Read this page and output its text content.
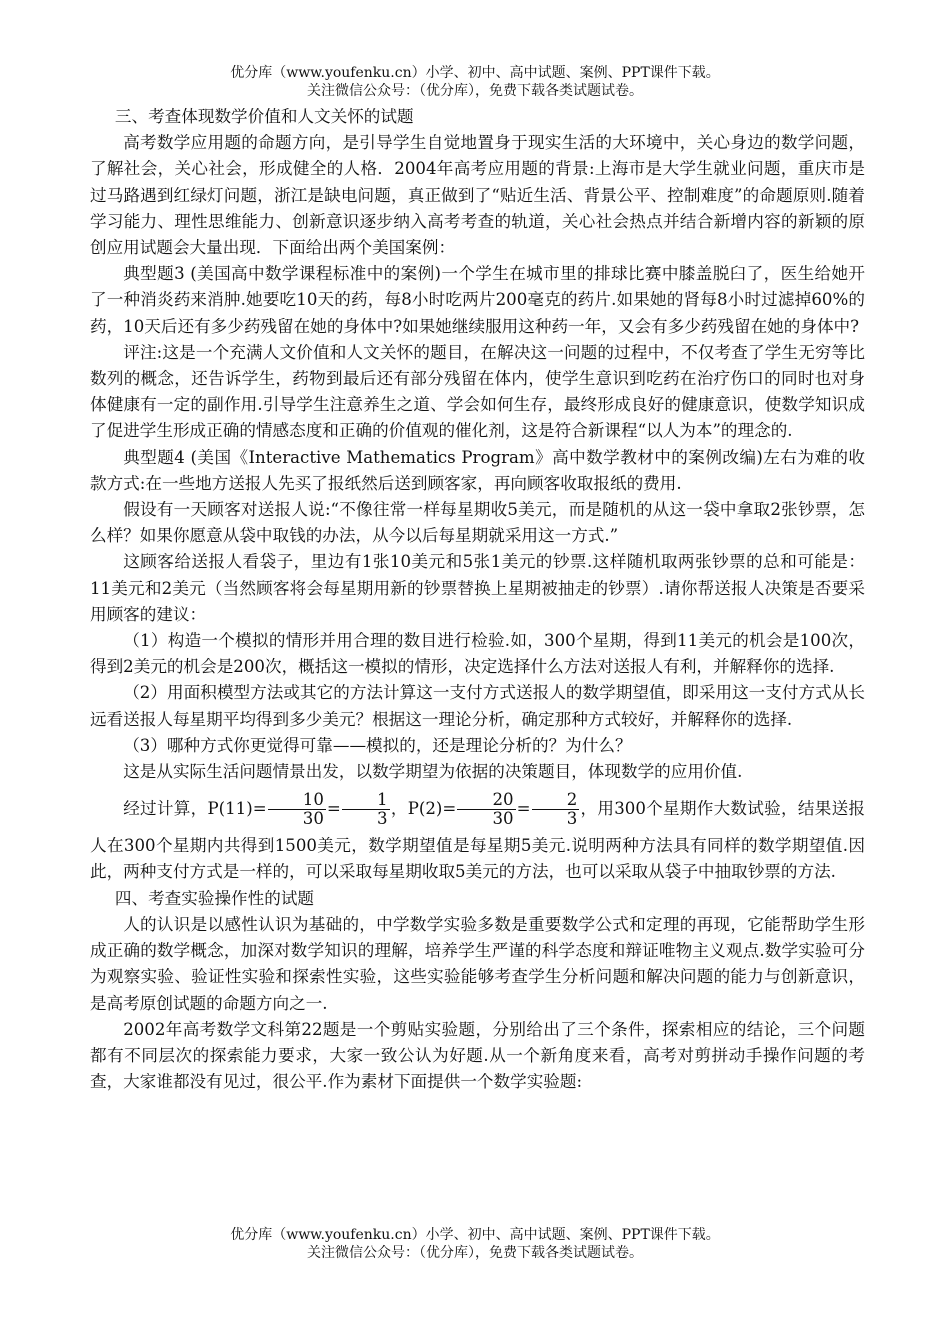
优分库（www.youfenku.cn）小学、初中、高中试题、案例、PPT课件下载。
关注微信公众号：（优分库），免费下载各类试题试卷。

三、考查体现数学价值和人文关怀的试题

高考数学应用题的命题方向，是引导学生自觉地置身于现实生活的大环境中，关心身边的数学问题，了解社会，关心社会，形成健全的人格．2004年高考应用题的背景:上海市是大学生就业问题，重庆市是过马路遇到红绿灯问题，浙江是缺电问题，真正做到了“贴近生活、背景公平、控制难度”的命题原则.随着学习能力、理性思维能力、创新意识逐步纳入高考考查的轨道，关心社会热点并结合新增内容的新颖的原创应用试题会大量出现．下面给出两个美国案例：

典型题3 (美国高中数学课程标准中的案例)一个学生在城市里的排球比赛中膝盖脱臼了，医生给她开了一种消炎药来消肿.她要吃10天的药，每8小时吃两片200毫克的药片.如果她的肾每8小时过滤掉60%的药，10天后还有多少药残留在她的身体中?如果她继续服用这种药一年，又会有多少药残留在她的身体中?

评注:这是一个充满人文价值和人文关怀的题目，在解决这一问题的过程中，不仅考查了学生无穷等比数列的概念，还告诉学生，药物到最后还有部分残留在体内，使学生意识到吃药在治疗伤口的同时也对身体健康有一定的副作用.引导学生注意养生之道、学会如何生存，最终形成良好的健康意识，使数学知识成了促进学生形成正确的情感态度和正确的价值观的催化剂，这是符合新课程“以人为本”的理念的.

典型题4 (美国《Interactive Mathematics Program》高中数学教材中的案例改编)左右为难的收款方式:在一些地方送报人先买了报纸然后送到顾客家，再向顾客收取报纸的费用.

假设有一天顾客对送报人说:“不像往常一样每星期收5美元，而是随机的从这一袋中拿取2张钞票，怎么样？如果你愿意从袋中取钱的办法，从今以后每星期就采用这一方式.”

这顾客给送报人看袋子，里边有1张10美元和5张1美元的钞票.这样随机取两张钞票的总和可能是：11美元和2美元（当然顾客将会每星期用新的钞票替换上星期被抽走的钞票）.请你帮送报人决策是否要采用顾客的建议：

（1）构造一个模拟的情形并用合理的数目进行检验.如，300个星期，得到11美元的机会是100次，得到2美元的机会是200次，概括这一模拟的情形，决定选择什么方法对送报人有利，并解释你的选择.

（2）用面积模型方法或其它的方法计算这一支付方式送报人的数学期望值，即采用这一支付方式从长远看送报人每星期平均得到多少美元？根据这一理论分析，确定那种方式较好，并解释你的选择.

（3）哪种方式你更觉得可靠——模拟的，还是理论分析的？为什么？

这是从实际生活问题情景出发，以数学期望为依据的决策题目，体现数学的应用价值.

经过计算，$P(11)= \frac{10}{30} = \frac{1}{3}$ ，$P(2)= \frac{20}{30} = \frac{2}{3}$ ，用300个星期作大数试验，结果送报人在300个星期内共得到1500美元，数学期望值是每星期5美元.说明两种方法具有同样的数学期望值.因此，两种支付方式是一样的，可以采取每星期收取5美元的方法，也可以采取从袋子中抽取钞票的方法.

四、考查实验操作性的试题

人的认识是以感性认识为基础的，中学数学实验多数是重要数学公式和定理的再现，它能帮助学生形成正确的数学概念，加深对数学知识的理解，培养学生严谨的科学态度和辩证唯物主义观点.数学实验可分为观察实验、验证性实验和探索性实验，这些实验能够考查学生分析问题和解决问题的能力与创新意识，是高考原创试题的命题方向之一.

2002年高考数学文科第22题是一个剪贴实验题，分别给出了三个条件，探索相应的结论，三个问题都有不同层次的探索能力要求，大家一致公认为好题.从一个新角度来看，高考对剪拼动手操作问题的考查，大家谁都没有见过，很公平.作为素材下面提供一个数学实验题:

优分库（www.youfenku.cn）小学、初中、高中试题、案例、PPT课件下载。
关注微信公众号：（优分库），免费下载各类试题试卷。
